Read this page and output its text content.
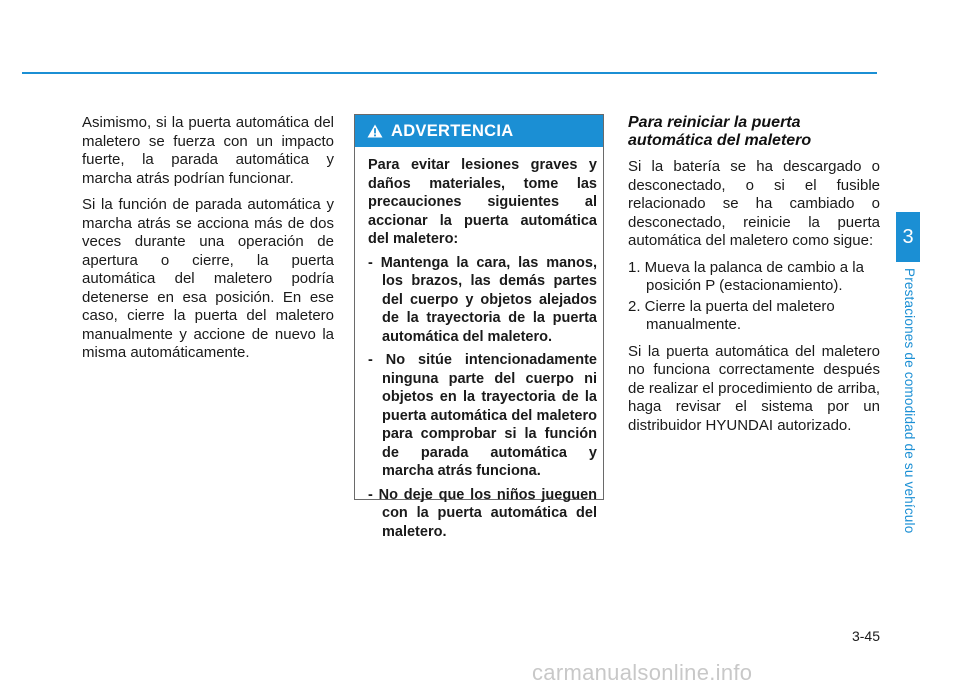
Asimismo, si la puerta automática del maletero se fuerza con un impacto fuerte, la parada automática y marcha atrás podrían funcionar.

Si la función de parada automática y marcha atrás se acciona más de dos veces durante una operación de apertura o cierre, la puerta automática del maletero podría detenerse en esa posición. En ese caso, cierre la puerta del maletero manualmente y accione de nuevo la misma automáticamente.

ADVERTENCIA

Para evitar lesiones graves y daños materiales, tome las precauciones siguientes al accionar la puerta automática del maletero:

- Mantenga la cara, las manos, los brazos, las demás partes del cuerpo y objetos alejados de la trayectoria de la puerta automática del maletero.
- No sitúe intencionadamente ninguna parte del cuerpo ni objetos en la trayectoria de la puerta automática del maletero para comprobar si la función de parada automática y marcha atrás funciona.
- No deje que los niños jueguen con la puerta automática del maletero.
Para reiniciar la puerta automática del maletero

Si la batería se ha descargado o desconectado, o si el fusible relacionado se ha cambiado o desconectado, reinicie la puerta automática del maletero como sigue:

1. Mueva la palanca de cambio a la posición P (estacionamiento).
2. Cierre la puerta del maletero manualmente.

Si la puerta automática del maletero no funciona correctamente después de realizar el procedimiento de arriba, haga revisar el sistema por un distribuidor HYUNDAI autorizado.

3
Prestaciones de comodidad de su vehículo
3-45
carmanualsonline.info
